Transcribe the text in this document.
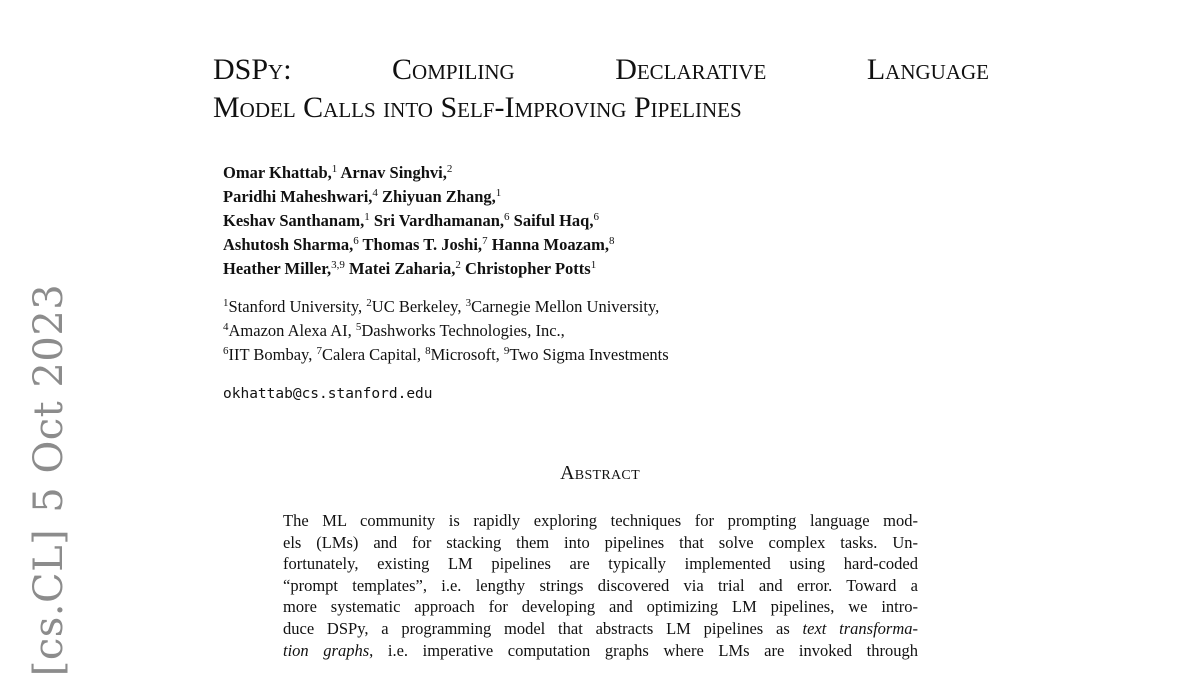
[cs.CL]5 Oct 2023
DSPy:	Compiling	Declarative	Language
Model Calls into Self-Improving Pipelines
Omar Khattab,$^1$ Arnav Singhvi,$^2$
Paridhi Maheshwari,$^4$ Zhiyuan Zhang,$^1$
Keshav Santhanam,$^1$ Sri Vardhamanan,$^6$ Saiful Haq,$^6$
Ashutosh Sharma,$^6$ Thomas T. Joshi,$^7$ Hanna Moazam,$^8$
Heather Miller,$^{3,9}$ Matei Zaharia,$^2$ Christopher Potts$^1$
$^1$Stanford University, $^2$UC Berkeley, $^3$Carnegie Mellon University,
$^4$Amazon Alexa AI, $^5$Dashworks Technologies, Inc.,
$^6$IIT Bombay, $^7$Calera Capital, $^8$Microsoft, $^9$Two Sigma Investments
okhattab@cs.stanford.edu
Abstract
The ML community is rapidly exploring techniques for prompting language mod-
els (LMs) and for stacking them into pipelines that solve complex tasks. Un-
fortunately, existing LM pipelines are typically implemented using hard-coded
“prompt templates”, i.e. lengthy strings discovered via trial and error. Toward a
more systematic approach for developing and optimizing LM pipelines, we intro-
duce DSPy, a programming model that abstracts LM pipelines as text transforma-
tion graphs, i.e. imperative computation graphs where LMs are invoked through
